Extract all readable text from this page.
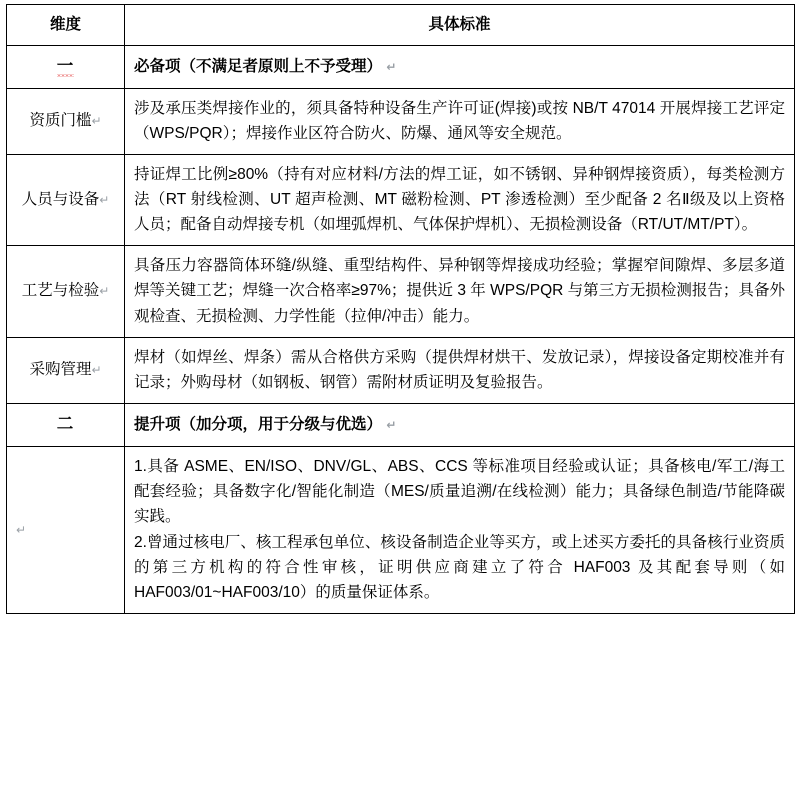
维度	具体标准
一	必备项（不满足者原则上不予受理） ↵
资质门槛↵	涉及承压类焊接作业的，须具备特种设备生产许可证(焊接)或按 NB/T 47014 开展焊接工艺评定（WPS/PQR）；焊接作业区符合防火、防爆、通风等安全规范。

人员与设备↵	持证焊工比例≥80%（持有对应材料/方法的焊工证，如不锈钢、异种钢焊接资质），每类检测方法（RT 射线检测、UT 超声检测、MT 磁粉检测、PT 渗透检测）至少配备 2 名Ⅱ级及以上资格人员；配备自动焊接专机（如埋弧焊机、气体保护焊机）、无损检测设备（RT/UT/MT/PT）。

工艺与检验↵	具备压力容器筒体环缝/纵缝、重型结构件、异种钢等焊接成功经验；掌握窄间隙焊、多层多道焊等关键工艺；焊缝一次合格率≥97%；提供近 3 年 WPS/PQR 与第三方无损检测报告；具备外观检查、无损检测、力学性能（拉伸/冲击）能力。

采购管理↵	焊材（如焊丝、焊条）需从合格供方采购（提供焊材烘干、发放记录），焊接设备定期校准并有记录；外购母材（如钢板、钢管）需附材质证明及复验报告。

二	提升项（加分项，用于分级与优选） ↵
↵	1.具备 ASME、EN/ISO、DNV/GL、ABS、CCS 等标准项目经验或认证；具备核电/军工/海工配套经验；具备数字化/智能化制造（MES/质量追溯/在线检测）能力；具备绿色制造/节能降碳实践。

2.曾通过核电厂、核工程承包单位、核设备制造企业等买方，或上述买方委托的具备核行业资质的第三方机构的符合性审核，证明供应商建立了符合 HAF003 及其配套导则（如 HAF003/01~HAF003/10）的质量保证体系。
